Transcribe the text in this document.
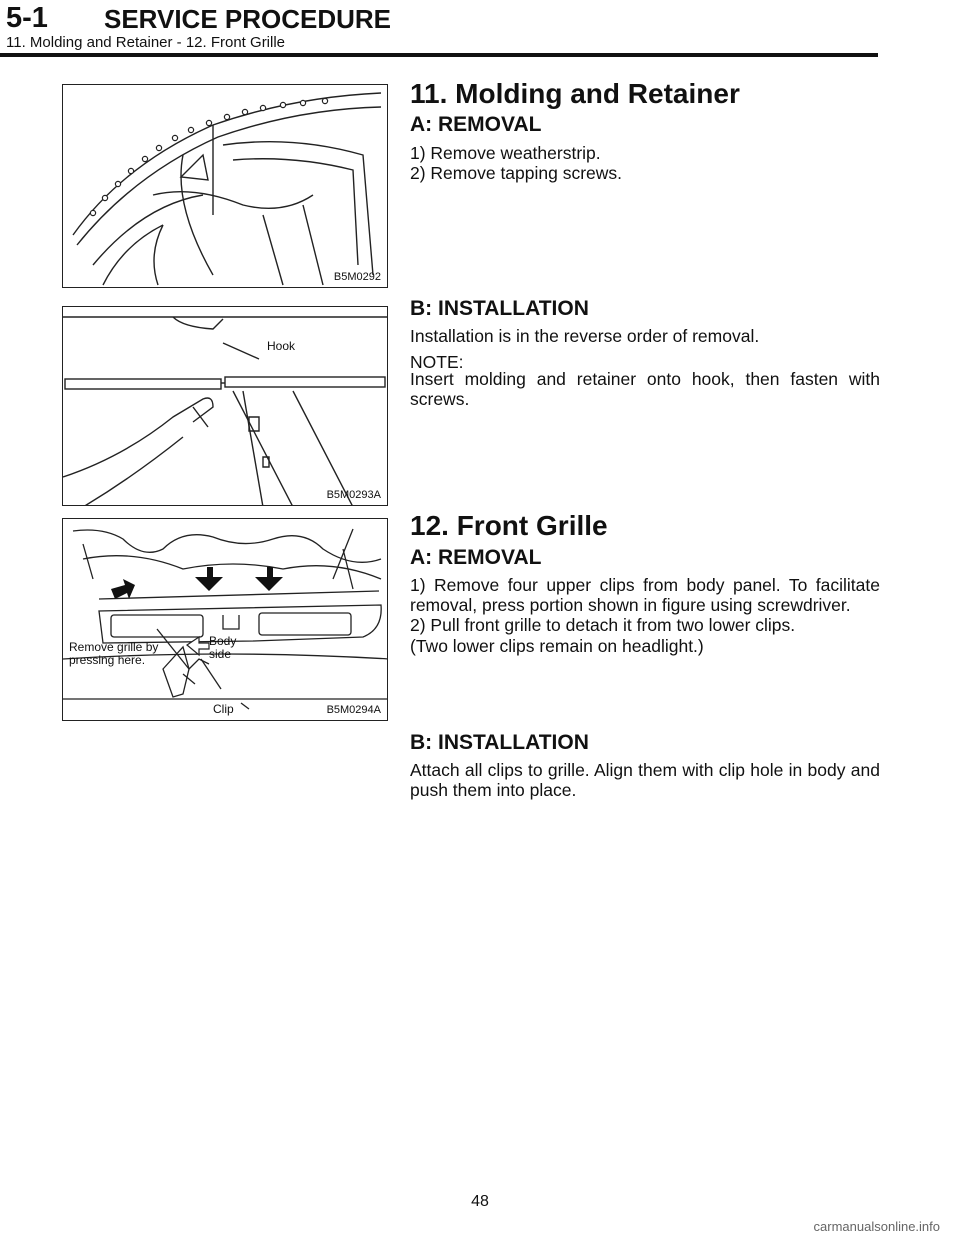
5-1 SERVICE PROCEDURE
11. Molding and Retainer - 12. Front Grille
B5M0292
Hook
B5M0293A
Remove grille by pressing here.
Body side
Clip	B5M0294A
11. Molding and Retainer
A: REMOVAL
1) Remove weatherstrip.
2) Remove tapping screws.
B: INSTALLATION
Installation is in the reverse order of removal.
NOTE:
Insert molding and retainer onto hook, then fasten with screws.
12. Front Grille
A: REMOVAL
1) Remove four upper clips from body panel. To facilitate removal, press portion shown in figure using screwdriver.
2) Pull front grille to detach it from two lower clips.
(Two lower clips remain on headlight.)
B: INSTALLATION
Attach all clips to grille. Align them with clip hole in body and push them into place.
48
carmanualsonline.info
